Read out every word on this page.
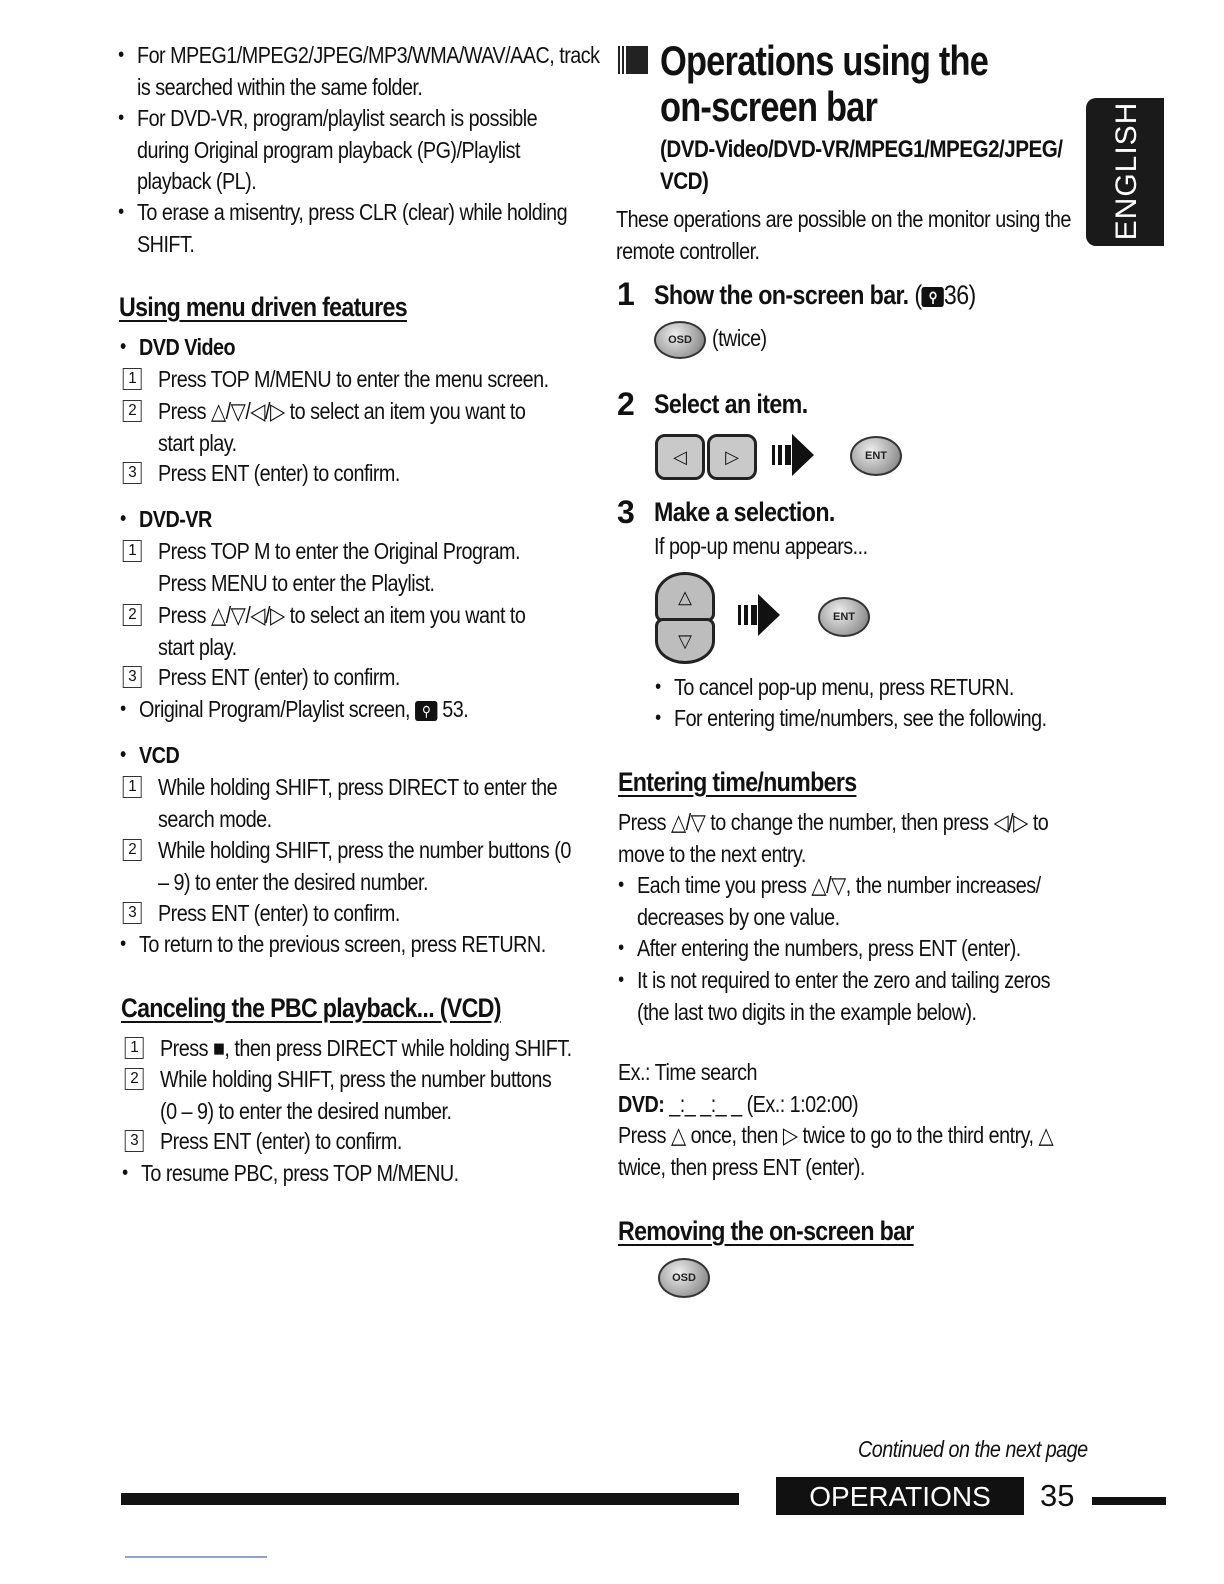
• For MPEG1/MPEG2/JPEG/MP3/WMA/WAV/AAC, track
is searched within the same folder.
• For DVD-VR, program/playlist search is possible
during Original program playback (PG)/Playlist
playback (PL).
• To erase a misentry, press CLR (clear) while holding
SHIFT.
Using menu driven features
• DVD Video
1 Press TOP M/MENU to enter the menu screen.
2 Press △/▽/◁/▷ to select an item you want to
start play.
3 Press ENT (enter) to confirm.
• DVD-VR
1 Press TOP M to enter the Original Program.
Press MENU to enter the Playlist.
2 Press △/▽/◁/▷ to select an item you want to
start play.
3 Press ENT (enter) to confirm.
• Original Program/Playlist screen, ⚲ 53.
• VCD
1 While holding SHIFT, press DIRECT to enter the
search mode.
2 While holding SHIFT, press the number buttons (0
– 9) to enter the desired number.
3 Press ENT (enter) to confirm.
• To return to the previous screen, press RETURN.
Canceling the PBC playback... (VCD)
1 Press ■, then press DIRECT while holding SHIFT.
2 While holding SHIFT, press the number buttons
(0 – 9) to enter the desired number.
3 Press ENT (enter) to confirm.
• To resume PBC, press TOP M/MENU.
Operations using the
on-screen bar
(DVD-Video/DVD-VR/MPEG1/MPEG2/JPEG/
VCD)
These operations are possible on the monitor using the
remote controller.
1 Show the on-screen bar. ( ⚲ 36)
OSD (twice)
2 Select an item.
◁	▷	ENT
3 Make a selection.
If pop-up menu appears...
△
▽
ENT
• To cancel pop-up menu, press RETURN.
• For entering time/numbers, see the following.
Entering time/numbers
Press △/▽ to change the number, then press ◁/▷ to
move to the next entry.
• Each time you press △/▽, the number increases/
decreases by one value.
• After entering the numbers, press ENT (enter).
• It is not required to enter the zero and tailing zeros
(the last two digits in the example below).
Ex.: Time search
DVD: _:_ _:_ _ (Ex.: 1:02:00)
Press △ once, then ▷ twice to go to the third entry, △
twice, then press ENT (enter).
Removing the on-screen bar
OSD
ENGLISH
Continued on the next page
OPERATIONS	35
